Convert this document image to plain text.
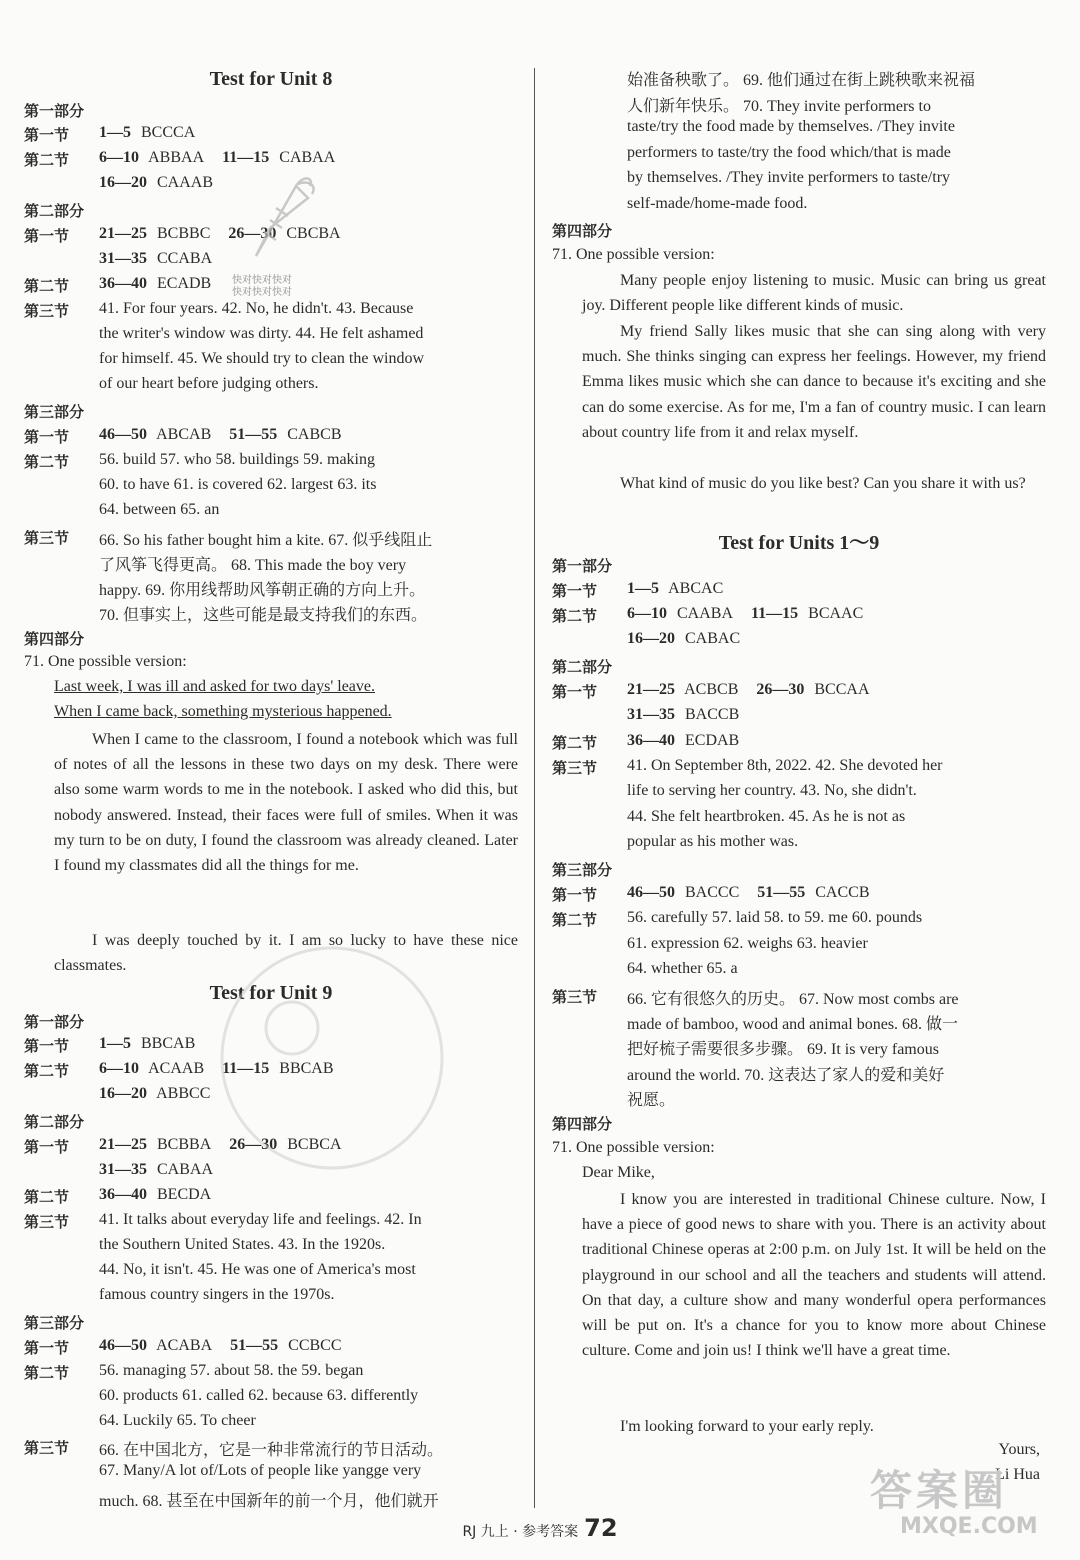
Test for Unit 8
第一部分
第一节 1—5 BCCCA
第二节 6—10 ABBAA 11—15 CABAA
16—20 CAAAB
第二部分
第一节 21—25 BCBBC 26—30 CBCBA
31—35 CCABA
第二节 36—40 ECADB
第三节 41. For four years. 42. No, he didn't. 43. Because
the writer's window was dirty. 44. He felt ashamed
for himself. 45. We should try to clean the window
of our heart before judging others.
第三部分
第一节 46—50 ABCAB 51—55 CABCB
第二节 56. build 57. who 58. buildings 59. making
60. to have 61. is covered 62. largest 63. its
64. between 65. an
第三节 66. So his father bought him a kite. 67. 似乎线阻止
了风筝飞得更高。 68. This made the boy very
happy. 69. 你用线帮助风筝朝正确的方向上升。
70. 但事实上，这些可能是最支持我们的东西。
第四部分
71. One possible version:
Last week, I was ill and asked for two days' leave.
When I came back, something mysterious happened.
When I came to the classroom, I found a notebook which was full of notes of all the lessons in these two days on my desk. There were also some warm words to me in the notebook. I asked who did this, but nobody answered. Instead, their faces were full of smiles. When it was my turn to be on duty, I found the classroom was already cleaned. Later I found my classmates did all the things for me.
I was deeply touched by it. I am so lucky to have these nice classmates.
Test for Unit 9
第一部分
第一节 1—5 BBCAB
第二节 6—10 ACAAB 11—15 BBCAB
16—20 ABBCC
第二部分
第一节 21—25 BCBBA 26—30 BCBCA
31—35 CABAA
第二节 36—40 BECDA
第三节 41. It talks about everyday life and feelings. 42. In
the Southern United States. 43. In the 1920s.
44. No, it isn't. 45. He was one of America's most
famous country singers in the 1970s.
第三部分
第一节 46—50 ACABA 51—55 CCBCC
第二节 56. managing 57. about 58. the 59. began
60. products 61. called 62. because 63. differently
64. Luckily 65. To cheer
第三节 66. 在中国北方，它是一种非常流行的节日活动。
67. Many/A lot of/Lots of people like yangge very
much. 68. 甚至在中国新年的前一个月，他们就开
始准备秧歌了。 69. 他们通过在街上跳秧歌来祝福
人们新年快乐。 70. They invite performers to
taste/try the food made by themselves. /They invite
performers to taste/try the food which/that is made
by themselves. /They invite performers to taste/try
self-made/home-made food.
第四部分
71. One possible version:
Many people enjoy listening to music. Music can bring us great joy. Different people like different kinds of music.
My friend Sally likes music that she can sing along with very much. She thinks singing can express her feelings. However, my friend Emma likes music which she can dance to because it's exciting and she can do some exercise. As for me, I'm a fan of country music. I can learn about country life from it and relax myself.
What kind of music do you like best? Can you share it with us?
Test for Units 1～9
第一部分
第一节 1—5 ABCAC
第二节 6—10 CAABA 11—15 BCAAC
16—20 CABAC
第二部分
第一节 21—25 ACBCB 26—30 BCCAA
31—35 BACCB
第二节 36—40 ECDAB
第三节 41. On September 8th, 2022. 42. She devoted her
life to serving her country. 43. No, she didn't.
44. She felt heartbroken. 45. As he is not as
popular as his mother was.
第三部分
第一节 46—50 BACCC 51—55 CACCB
第二节 56. carefully 57. laid 58. to 59. me 60. pounds
61. expression 62. weighs 63. heavier
64. whether 65. a
第三节 66. 它有很悠久的历史。 67. Now most combs are
made of bamboo, wood and animal bones. 68. 做一
把好梳子需要很多步骤。 69. It is very famous
around the world. 70. 这表达了家人的爱和美好
祝愿。
第四部分
71. One possible version:
Dear Mike,
I know you are interested in traditional Chinese culture. Now, I have a piece of good news to share with you. There is an activity about traditional Chinese operas at 2:00 p.m. on July 1st. It will be held on the playground in our school and all the teachers and students will attend. On that day, a culture show and many wonderful opera performances will be put on. It's a chance for you to know more about Chinese culture. Come and join us! I think we'll have a great time.
I'm looking forward to your early reply.
Yours,
Li Hua
RJ 九上 · 参考答案 72
快对快对快对
快对快对快对
答案圈
MXQE.COM
